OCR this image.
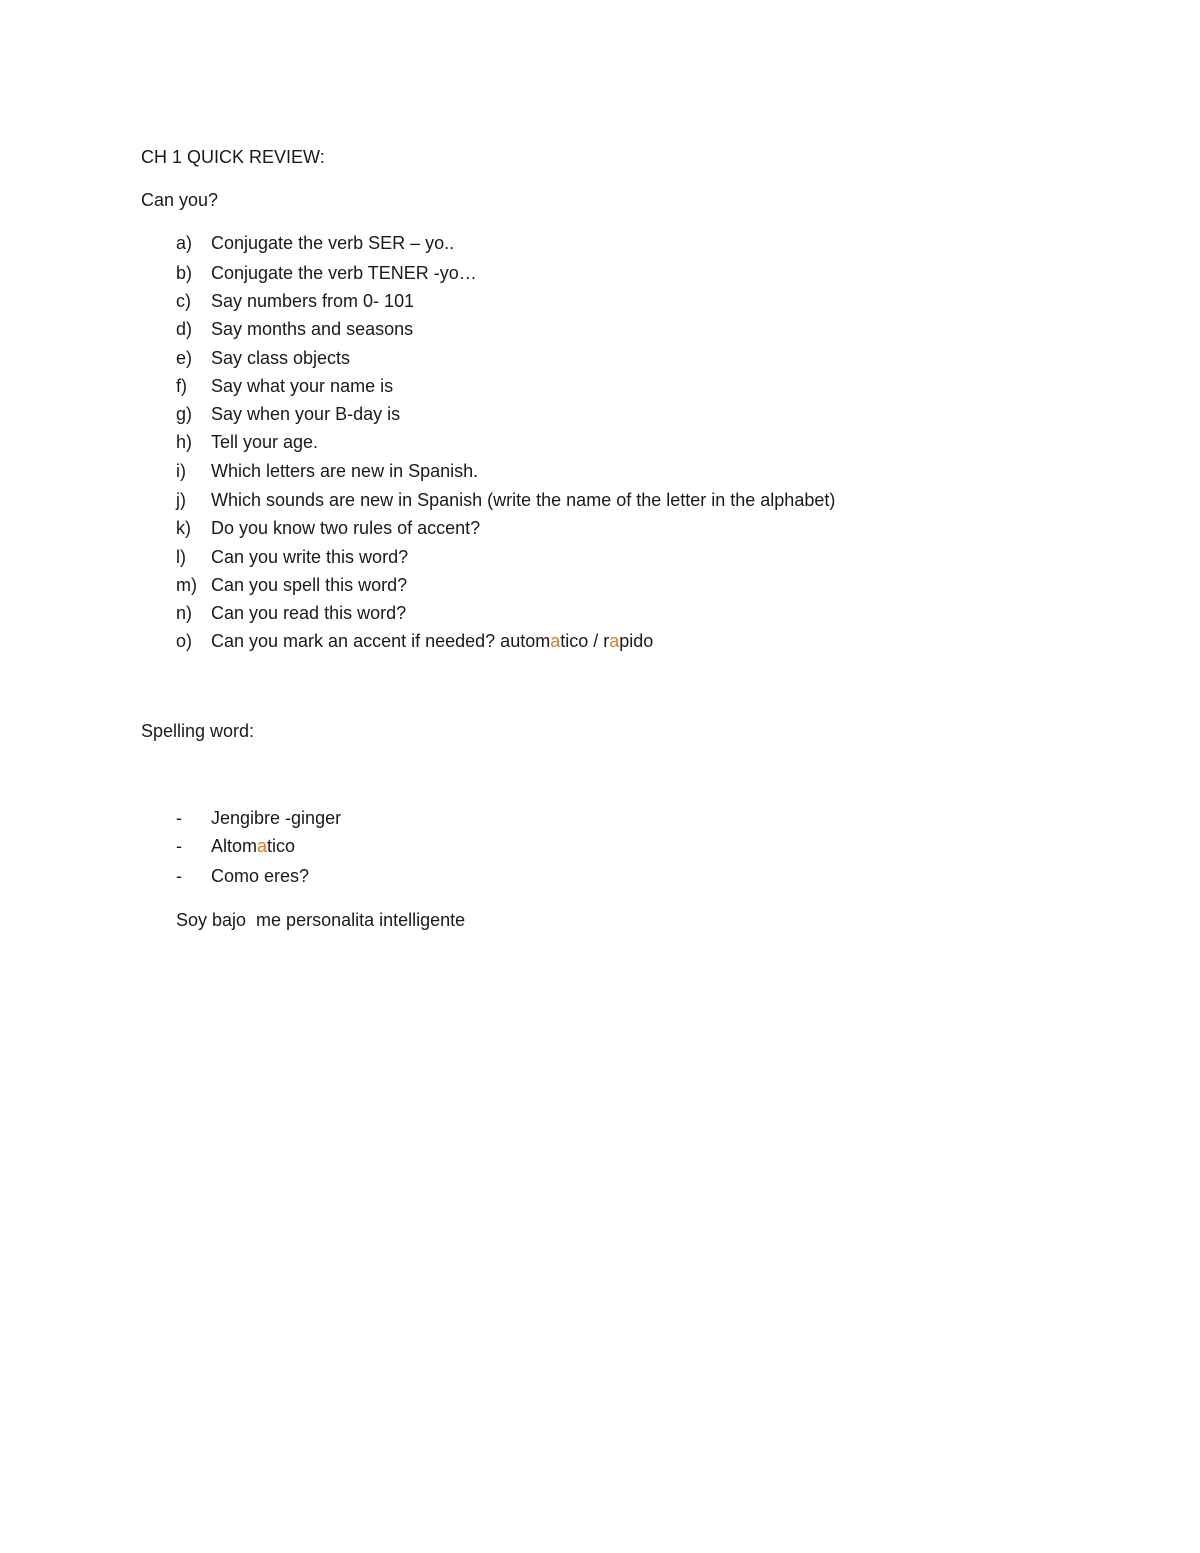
CH 1 QUICK REVIEW:
Can you?
a)	Conjugate the verb SER – yo..
b)	Conjugate the verb TENER -yo…
c)	Say numbers from 0- 101
d)	Say months and seasons
e)	Say class objects
f)	Say what your name is
g)	Say when your B-day is
h)	Tell your age.
i)	Which letters are new in Spanish.
j)	Which sounds are new in Spanish (write the name of the letter in the alphabet)
k)	Do you know two rules of accent?
l)	Can you write this word?
m) Can you spell this word?
n)	Can you read this word?
o)	Can you mark an accent if needed? automatico / rapido
Spelling word:
-	Jengibre -ginger
-	Altomatico
-	Como eres?
Soy bajo  me personalita intelligente
